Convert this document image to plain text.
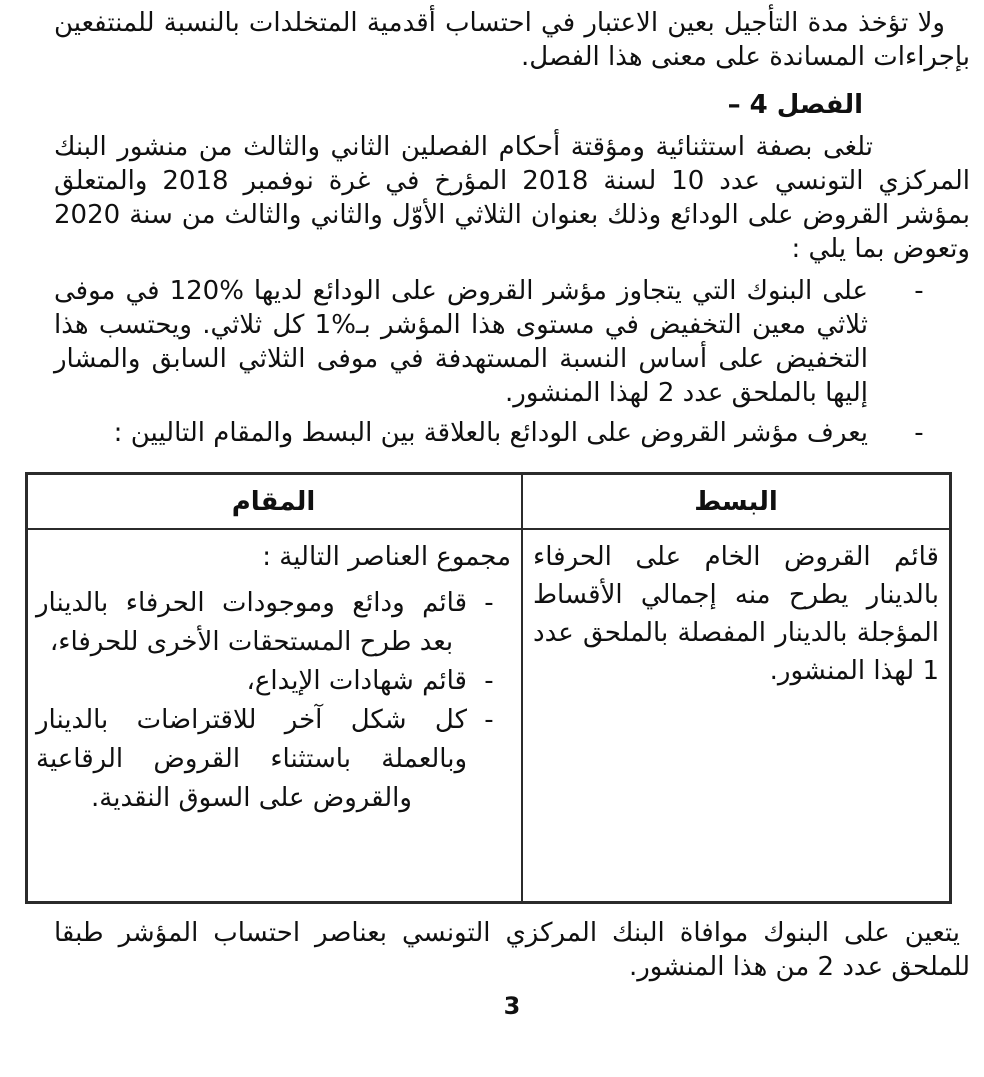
ولا تؤخذ مدة التأجيل بعين الاعتبار في احتساب أقدمية المتخلدات بالنسبة للمنتفعين بإجراءات المساندة على معنى هذا الفصل.

الفصل 4 –

تلغى بصفة استثنائية ومؤقتة أحكام الفصلين الثاني والثالث من منشور البنك المركزي التونسي عدد 10 لسنة 2018 المؤرخ في غرة نوفمبر 2018 والمتعلق بمؤشر القروض على الودائع وذلك بعنوان الثلاثي الأوّل والثاني والثالث من سنة 2020 وتعوض بما يلي :

-
على البنوك التي يتجاوز مؤشر القروض على الودائع لديها %120 في موفى ثلاثي معين التخفيض في مستوى هذا المؤشر بـ%1 كل ثلاثي. ويحتسب هذا التخفيض على أساس النسبة المستهدفة في موفى الثلاثي السابق والمشار إليها بالملحق عدد 2 لهذا المنشور.
-
يعرف مؤشر القروض على الودائع بالعلاقة بين البسط والمقام التاليين :
البسط
المقام

قائم القروض الخام على الحرفاء بالدينار يطرح منه إجمالي الأقساط المؤجلة بالدينار المفصلة بالملحق عدد 1 لهذا المنشور.

مجموع العناصر التالية :

-
قائم ودائع وموجودات الحرفاء بالدينار بعد طرح المستحقات الأخرى للحرفاء،
-
قائم شهادات الإيداع،
-
كل شكل آخر للاقتراضات بالدينار وبالعملة باستثناء القروض الرقاعية والقروض على السوق النقدية.

يتعين على البنوك موافاة البنك المركزي التونسي بعناصر احتساب المؤشر طبقا للملحق عدد 2 من هذا المنشور.

3
